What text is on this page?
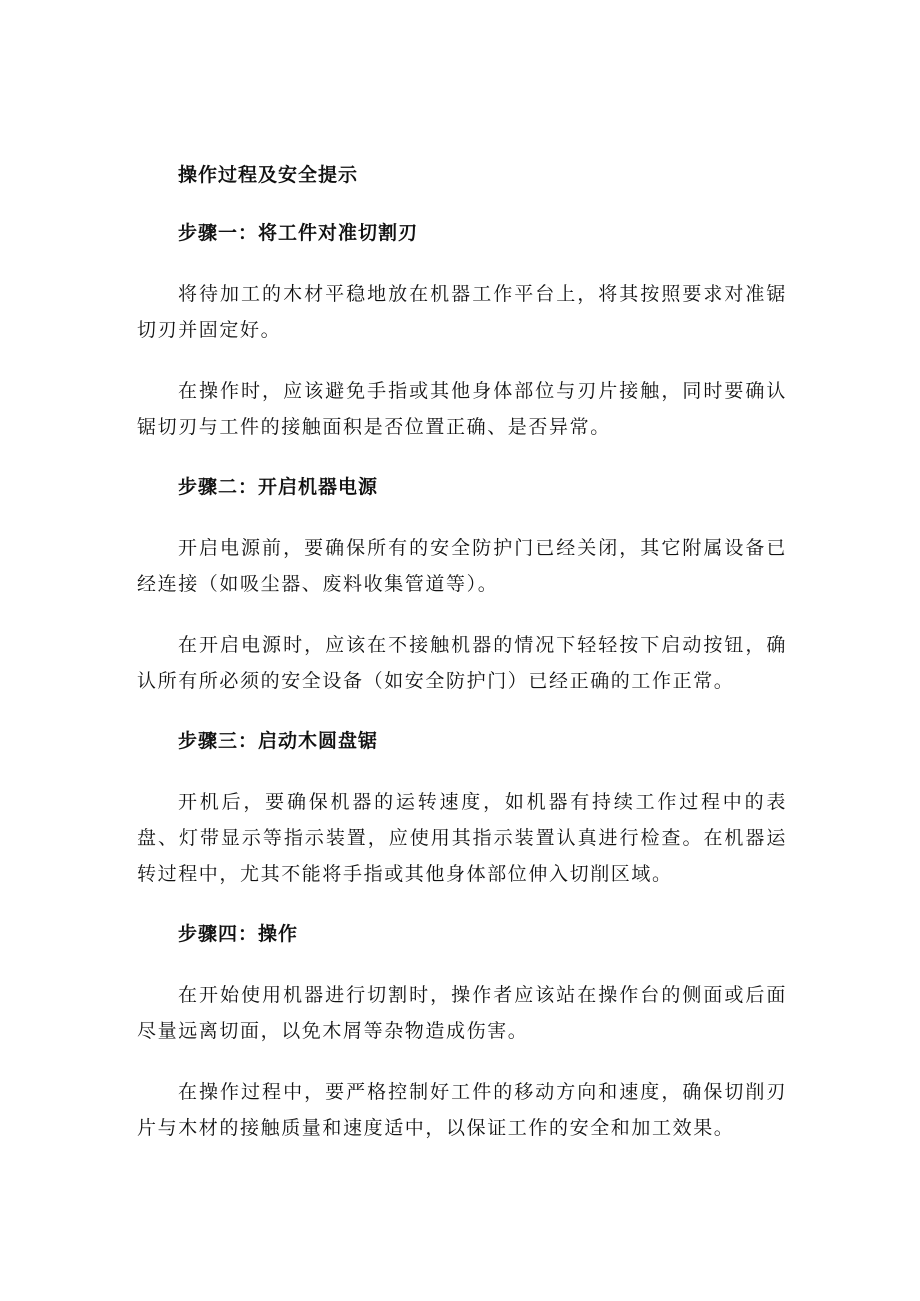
操作过程及安全提示
步骤一：将工件对准切割刃

将待加工的木材平稳地放在机器工作平台上，将其按照要求对准锯切刃并固定好。

在操作时，应该避免手指或其他身体部位与刃片接触，同时要确认锯切刃与工件的接触面积是否位置正确、是否异常。

步骤二：开启机器电源

开启电源前，要确保所有的安全防护门已经关闭，其它附属设备已经连接（如吸尘器、废料收集管道等）。

在开启电源时，应该在不接触机器的情况下轻轻按下启动按钮，确认所有所必须的安全设备（如安全防护门）已经正确的工作正常。

步骤三：启动木圆盘锯

开机后，要确保机器的运转速度，如机器有持续工作过程中的表盘、灯带显示等指示装置，应使用其指示装置认真进行检查。在机器运转过程中，尤其不能将手指或其他身体部位伸入切削区域。

步骤四：操作

在开始使用机器进行切割时，操作者应该站在操作台的侧面或后面尽量远离切面，以免木屑等杂物造成伤害。

在操作过程中，要严格控制好工件的移动方向和速度，确保切削刃片与木材的接触质量和速度适中，以保证工作的安全和加工效果。
